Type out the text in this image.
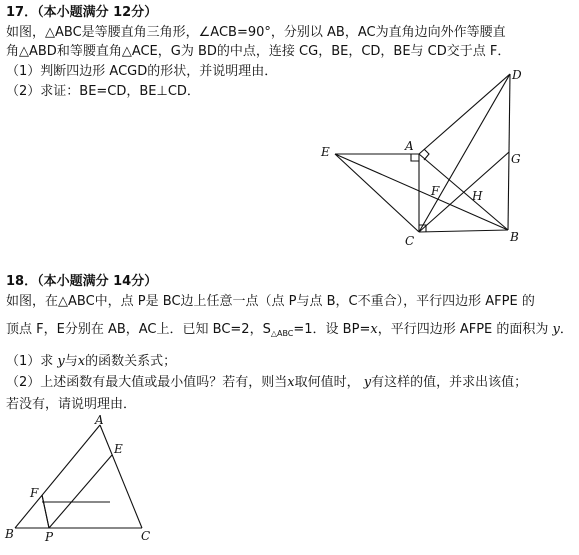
17．（本小题满分 12分）
如图，△ABC是等腰直角三角形，∠ACB=90°，分别以 AB，AC为直角边向外作等腰直
角△ABD和等腰直角△ACE，G为 BD的中点，连接 CG，BE，CD，BE与 CD交于点 F．
（1）判断四边形 ACGD的形状，并说明理由．
（2）求证：BE=CD，BE⊥CD．
D
A
G
E
F	H
C	B
18．（本小题满分 14分）
如图，在△ABC中，点 P是 BC边上任意一点（点 P与点 B，C不重合），平行四边形 AFPE 的
顶点 F，E分别在 AB，AC上．已知 BC=2，$S_{\triangle ABC}=1$．设 BP=x，平行四边形 AFPE 的面积为 y．
（1）求 y与x的函数关系式；
（2）上述函数有最大值或最小值吗？若有，则当x取何值时， y有这样的值，并求出该值；
若没有，请说明理由．
A
E
F
B	P	C
